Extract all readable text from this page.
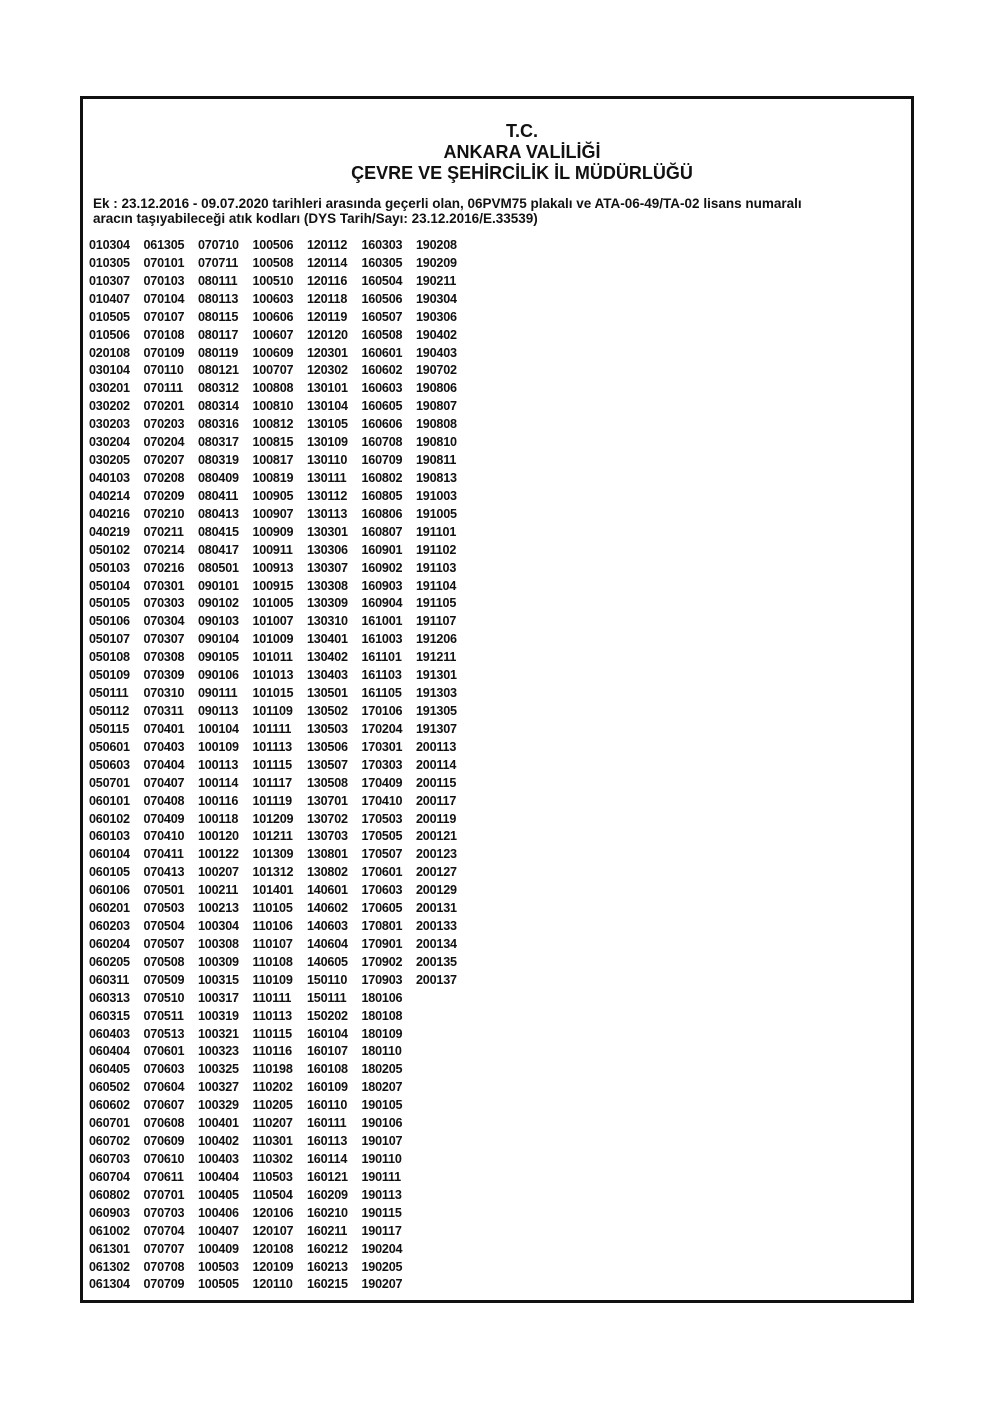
T.C.
ANKARA VALİLİĞİ
ÇEVRE VE ŞEHİRCİLİK İL MÜDÜRLÜĞÜ
Ek : 23.12.2016 - 09.07.2020 tarihleri arasında geçerli olan, 06PVM75 plakalı ve ATA-06-49/TA-02 lisans numaralı
aracın taşıyabileceği atık kodları (DYS Tarih/Sayı: 23.12.2016/E.33539)
010304
010305
010307
010407
010505
010506
020108
030104
030201
030202
030203
030204
030205
040103
040214
040216
040219
050102
050103
050104
050105
050106
050107
050108
050109
050111
050112
050115
050601
050603
050701
060101
060102
060103
060104
060105
060106
060201
060203
060204
060205
060311
060313
060315
060403
060404
060405
060502
060602
060701
060702
060703
060704
060802
060903
061002
061301
061302
061304
061305
070101
070103
070104
070107
070108
070109
070110
070111
070201
070203
070204
070207
070208
070209
070210
070211
070214
070216
070301
070303
070304
070307
070308
070309
070310
070311
070401
070403
070404
070407
070408
070409
070410
070411
070413
070501
070503
070504
070507
070508
070509
070510
070511
070513
070601
070603
070604
070607
070608
070609
070610
070611
070701
070703
070704
070707
070708
070709
070710
070711
080111
080113
080115
080117
080119
080121
080312
080314
080316
080317
080319
080409
080411
080413
080415
080417
080501
090101
090102
090103
090104
090105
090106
090111
090113
100104
100109
100113
100114
100116
100118
100120
100122
100207
100211
100213
100304
100308
100309
100315
100317
100319
100321
100323
100325
100327
100329
100401
100402
100403
100404
100405
100406
100407
100409
100503
100505
100506
100508
100510
100603
100606
100607
100609
100707
100808
100810
100812
100815
100817
100819
100905
100907
100909
100911
100913
100915
101005
101007
101009
101011
101013
101015
101109
101111
101113
101115
101117
101119
101209
101211
101309
101312
101401
110105
110106
110107
110108
110109
110111
110113
110115
110116
110198
110202
110205
110207
110301
110302
110503
110504
120106
120107
120108
120109
120110
120112
120114
120116
120118
120119
120120
120301
120302
130101
130104
130105
130109
130110
130111
130112
130113
130301
130306
130307
130308
130309
130310
130401
130402
130403
130501
130502
130503
130506
130507
130508
130701
130702
130703
130801
130802
140601
140602
140603
140604
140605
150110
150111
150202
160104
160107
160108
160109
160110
160111
160113
160114
160121
160209
160210
160211
160212
160213
160215
160303
160305
160504
160506
160507
160508
160601
160602
160603
160605
160606
160708
160709
160802
160805
160806
160807
160901
160902
160903
160904
161001
161003
161101
161103
161105
170106
170204
170301
170303
170409
170410
170503
170505
170507
170601
170603
170605
170801
170901
170902
170903
180106
180108
180109
180110
180205
180207
190105
190106
190107
190110
190111
190113
190115
190117
190204
190205
190207
190208
190209
190211
190304
190306
190402
190403
190702
190806
190807
190808
190810
190811
190813
191003
191005
191101
191102
191103
191104
191105
191107
191206
191211
191301
191303
191305
191307
200113
200114
200115
200117
200119
200121
200123
200127
200129
200131
200133
200134
200135
200137
